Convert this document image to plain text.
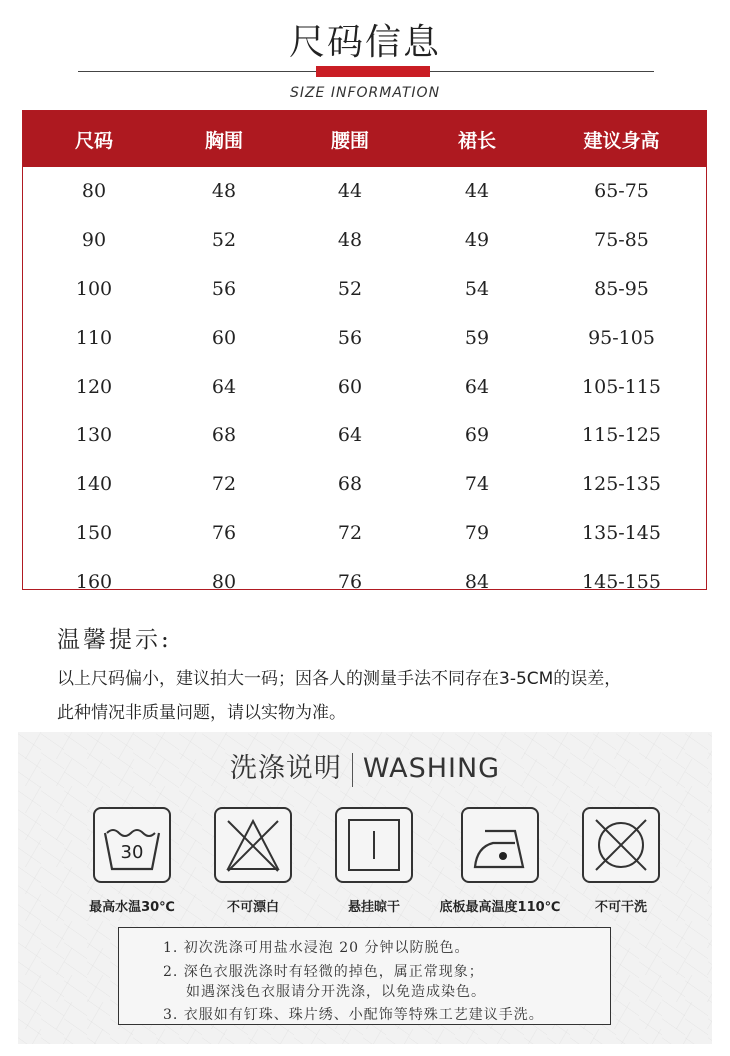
尺码信息
SIZE INFORMATION
尺码	胸围	腰围	裙长	建议身高
80	48	44	44	65-75
90	52	48	49	75-85
100	56	52	54	85-95
110	60	56	59	95-105
120	64	60	64	105-115
130	68	64	69	115-125
140	72	68	74	125-135
150	76	72	79	135-145
160	80	76	84	145-155
温馨提示:
以上尺码偏小，建议拍大一码；因各人的测量手法不同存在3-5CM的误差，
此种情况非质量问题，请以实物为准。
洗涤说明 WASHING
30
最高水温30℃	不可漂白	悬挂晾干	底板最高温度110℃	不可干洗
1. 初次洗涤可用盐水浸泡 20 分钟以防脱色。
2. 深色衣服洗涤时有轻微的掉色，属正常现象；
如遇深浅色衣服请分开洗涤，以免造成染色。
3. 衣服如有钉珠、珠片绣、小配饰等特殊工艺建议手洗。
